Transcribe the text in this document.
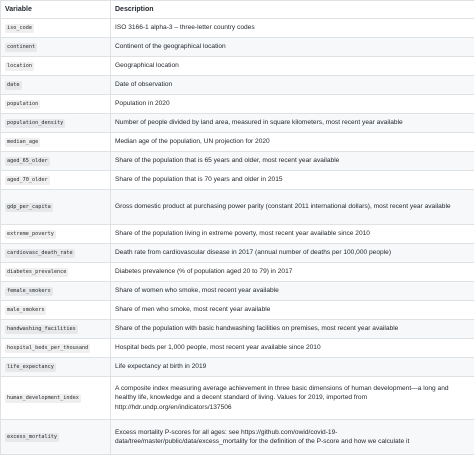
Variable	Description
iso_code	ISO 3166-1 alpha-3 – three-letter country codes

continent	Continent of the geographical location

location	Geographical location

date	Date of observation

population	Population in 2020

population_density	Number of people divided by land area, measured in square kilometers, most recent year available

median_age	Median age of the population, UN projection for 2020

aged_65_older	Share of the population that is 65 years and older, most recent year available

aged_70_older	Share of the population that is 70 years and older in 2015

gdp_per_capita	Gross domestic product at purchasing power parity (constant 2011 international dollars), most recent year available

extreme_poverty	Share of the population living in extreme poverty, most recent year available since 2010

cardiovasc_death_rate	Death rate from cardiovascular disease in 2017 (annual number of deaths per 100,000 people)

diabetes_prevalence	Diabetes prevalence (% of population aged 20 to 79) in 2017

female_smokers	Share of women who smoke, most recent year available

male_smokers	Share of men who smoke, most recent year available

handwashing_facilities	Share of the population with basic handwashing facilities on premises, most recent year available

hospital_beds_per_thousand	Hospital beds per 1,000 people, most recent year available since 2010

life_expectancy	Life expectancy at birth in 2019

human_development_index	A composite index measuring average achievement in three basic dimensions of human development—a long and healthy life, knowledge and a decent standard of living. Values for 2019, imported from http://hdr.undp.org/en/indicators/137506

excess_mortality	Excess mortality P-scores for all ages: see https://github.com/owid/covid-19-data/tree/master/public/data/excess_mortality for the definition of the P-score and how we calculate it
